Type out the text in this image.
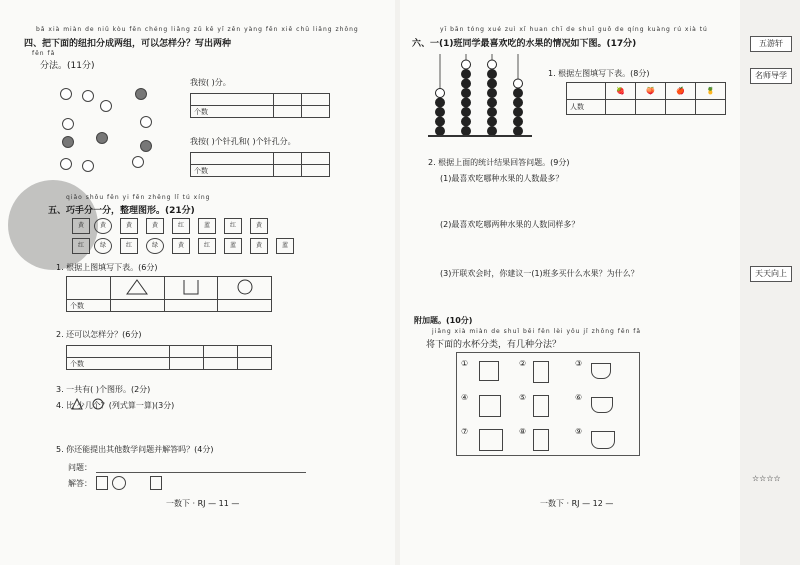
bǎ xià miàn de niǔ kòu fēn chéng liǎng zǔ kě yǐ zěn yàng fēn xiě chū liǎng zhǒng
四、把下面的纽扣分成两组，可以怎样分？写出两种
fēn fǎ
分法。(11分)
我按( )分。

个数		
我按( )个针孔和( )个针孔分。

个数		
qiǎo shǒu fēn yi fēn zhěng lǐ tú xíng
五、巧手分一分，整理图形。(21分)
黄	黄	黄	黄	红	蓝	红	黄
红	绿	红	绿	黄	红	蓝	黄	蓝
1. 根据上图填写下表。(6分)

个数			
2. 还可以怎样分？(6分)

个数			
3. 一共有( )个图形。(2分)
4. 比 少几个？(列式算一算)(3分)
5. 你还能提出其他数学问题并解答吗？(4分)
问题：
解答：
一数下 · RJ — 11 —
yī bān tóng xué zuì xǐ huan chī de shuǐ guǒ de qíng kuàng rú xià tú
六、一(1)班同学最喜欢吃的水果的情况如下图。(17分)
1. 根据左图填写下表。(8分)
	🍓	🍑	🍎	🍍
人数				
2. 根据上面的统计结果回答问题。(9分)
(1)最喜欢吃哪种水果的人数最多？
(2)最喜欢吃哪两种水果的人数同样多？
(3)开联欢会时，你建议一(1)班多买什么水果？为什么？
附加题。(10分)
jiāng xià miàn de shuǐ bēi fēn lèi yǒu jǐ zhǒng fēn fǎ
将下面的水杯分类，有几种分法？
①	②	③
④	⑤	⑥
⑦	⑧	⑨
一数下 · RJ — 12 —
五游轩
名师导学
天天向上
☆☆☆☆
